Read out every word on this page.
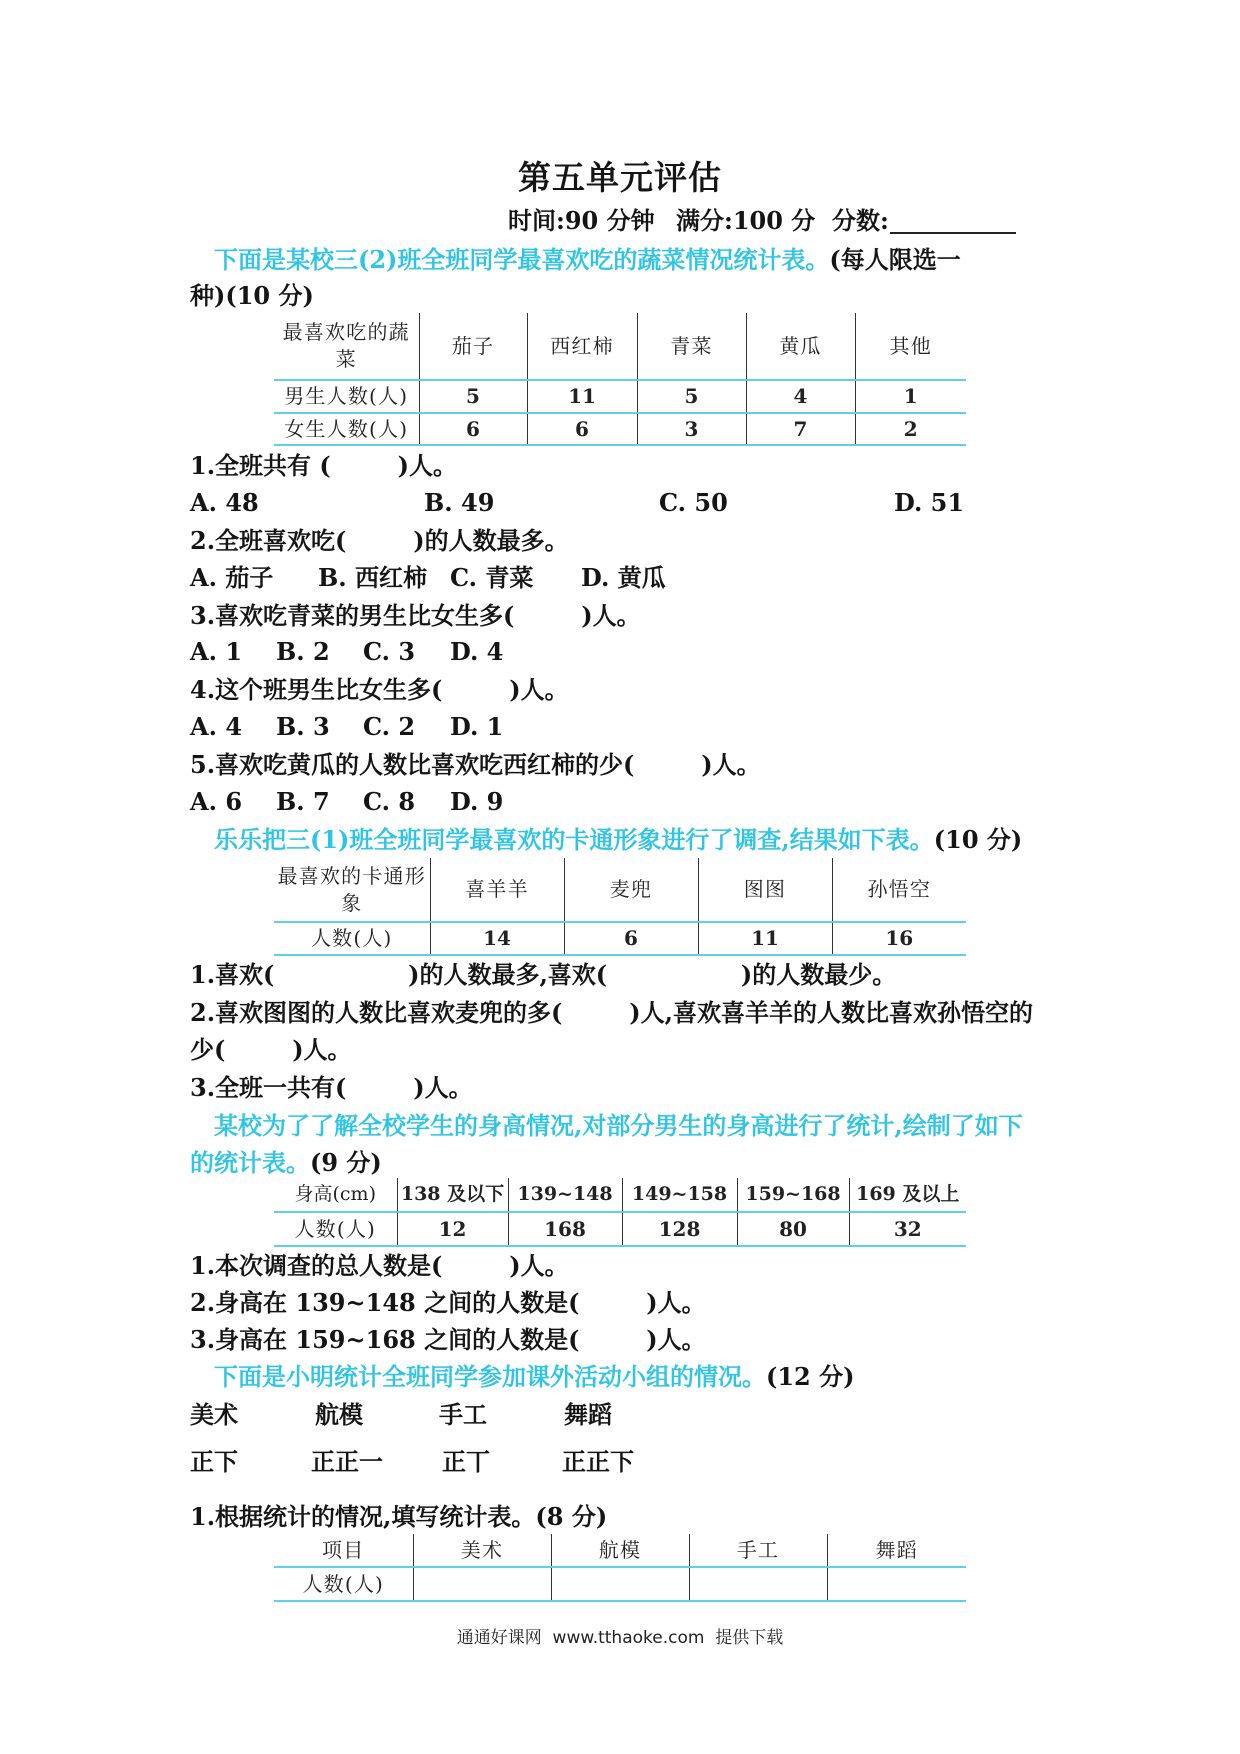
第五单元评估
时间:90 分钟 满分:100 分 分数:
下面是某校三(2)班全班同学最喜欢吃的蔬菜情况统计表。(每人限选一
种)(10 分)
最喜欢吃的蔬菜	茄子	西红柿	青菜	黄瓜	其他
男生人数(人)	5	11	5	4	1
女生人数(人)	6	6	3	7	2
1.全班共有 (        )人。
A. 48	B. 49	C. 50	D. 51
2.全班喜欢吃(        )的人数最多。
A. 茄子 B. 西红柿 C. 青菜 D. 黄瓜
3.喜欢吃青菜的男生比女生多(        )人。
A. 1 B. 2 C. 3 D. 4
4.这个班男生比女生多(        )人。
A. 4 B. 3 C. 2 D. 1
5.喜欢吃黄瓜的人数比喜欢吃西红柿的少(        )人。
A. 6 B. 7 C. 8 D. 9
乐乐把三(1)班全班同学最喜欢的卡通形象进行了调查,结果如下表。(10 分)
最喜欢的卡通形象	喜羊羊	麦兜	图图	孙悟空
人数(人)	14	6	11	16
1.喜欢(                )的人数最多,喜欢(                )的人数最少。
2.喜欢图图的人数比喜欢麦兜的多(        )人,喜欢喜羊羊的人数比喜欢孙悟空的
少(        )人。
3.全班一共有(        )人。
某校为了了解全校学生的身高情况,对部分男生的身高进行了统计,绘制了如下
的统计表。(9 分)
身高(cm)	138 及以下	139~148	149~158	159~168	169 及以上
人数(人)	12	168	128	80	32
1.本次调查的总人数是(        )人。
2.身高在 139~148 之间的人数是(        )人。
3.身高在 159~168 之间的人数是(        )人。
下面是小明统计全班同学参加课外活动小组的情况。(12 分)
美术	航模	手工	舞蹈
正下	正正一 正丅	正正下
1.根据统计的情况,填写统计表。(8 分)
项目	美术	航模	手工	舞蹈
人数(人)				
通通好课网  www.tthaoke.com  提供下载
